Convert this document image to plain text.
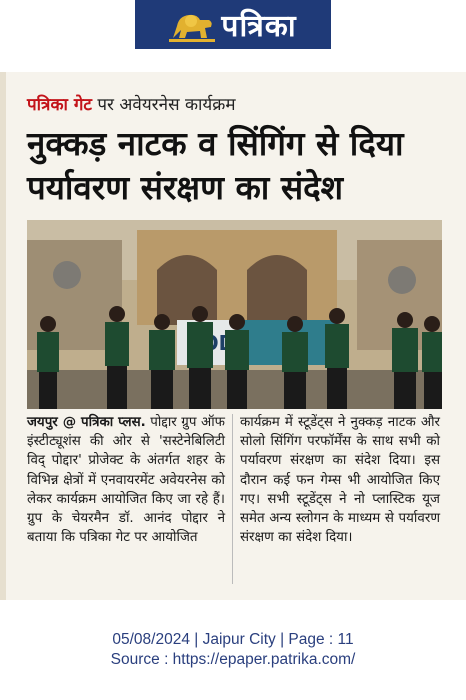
पत्रिका
पत्रिका गेट पर अवेयरनेस कार्यक्रम
नुक्कड़ नाटक व सिंगिंग से दिया पर्यावरण संरक्षण का संदेश
जयपुर @ पत्रिका प्लस. पोद्दार ग्रुप ऑफ इंस्टीट्यूशंस की ओर से 'सस्टेनेबिलिटी विद् पोद्दार' प्रोजेक्ट के अंतर्गत शहर के विभिन्न क्षेत्रों में एनवायरमेंट अवेयरनेस को लेकर कार्यक्रम आयोजित किए जा रहे हैं। ग्रुप के चेयरमैन डॉ. आनंद पोद्दार ने बताया कि पत्रिका गेट पर आयोजित
कार्यक्रम में स्टूडेंट्स ने नुक्कड़ नाटक और सोलो सिंगिंग परफॉर्मेंस के साथ सभी को पर्यावरण संरक्षण का संदेश दिया। इस दौरान कई फन गेम्स भी आयोजित किए गए। सभी स्टूडेंट्स ने नो प्लास्टिक यूज समेत अन्य स्लोगन के माध्यम से पर्यावरण संरक्षण का संदेश दिया।
05/08/2024 | Jaipur City | Page : 11
Source : https://epaper.patrika.com/
